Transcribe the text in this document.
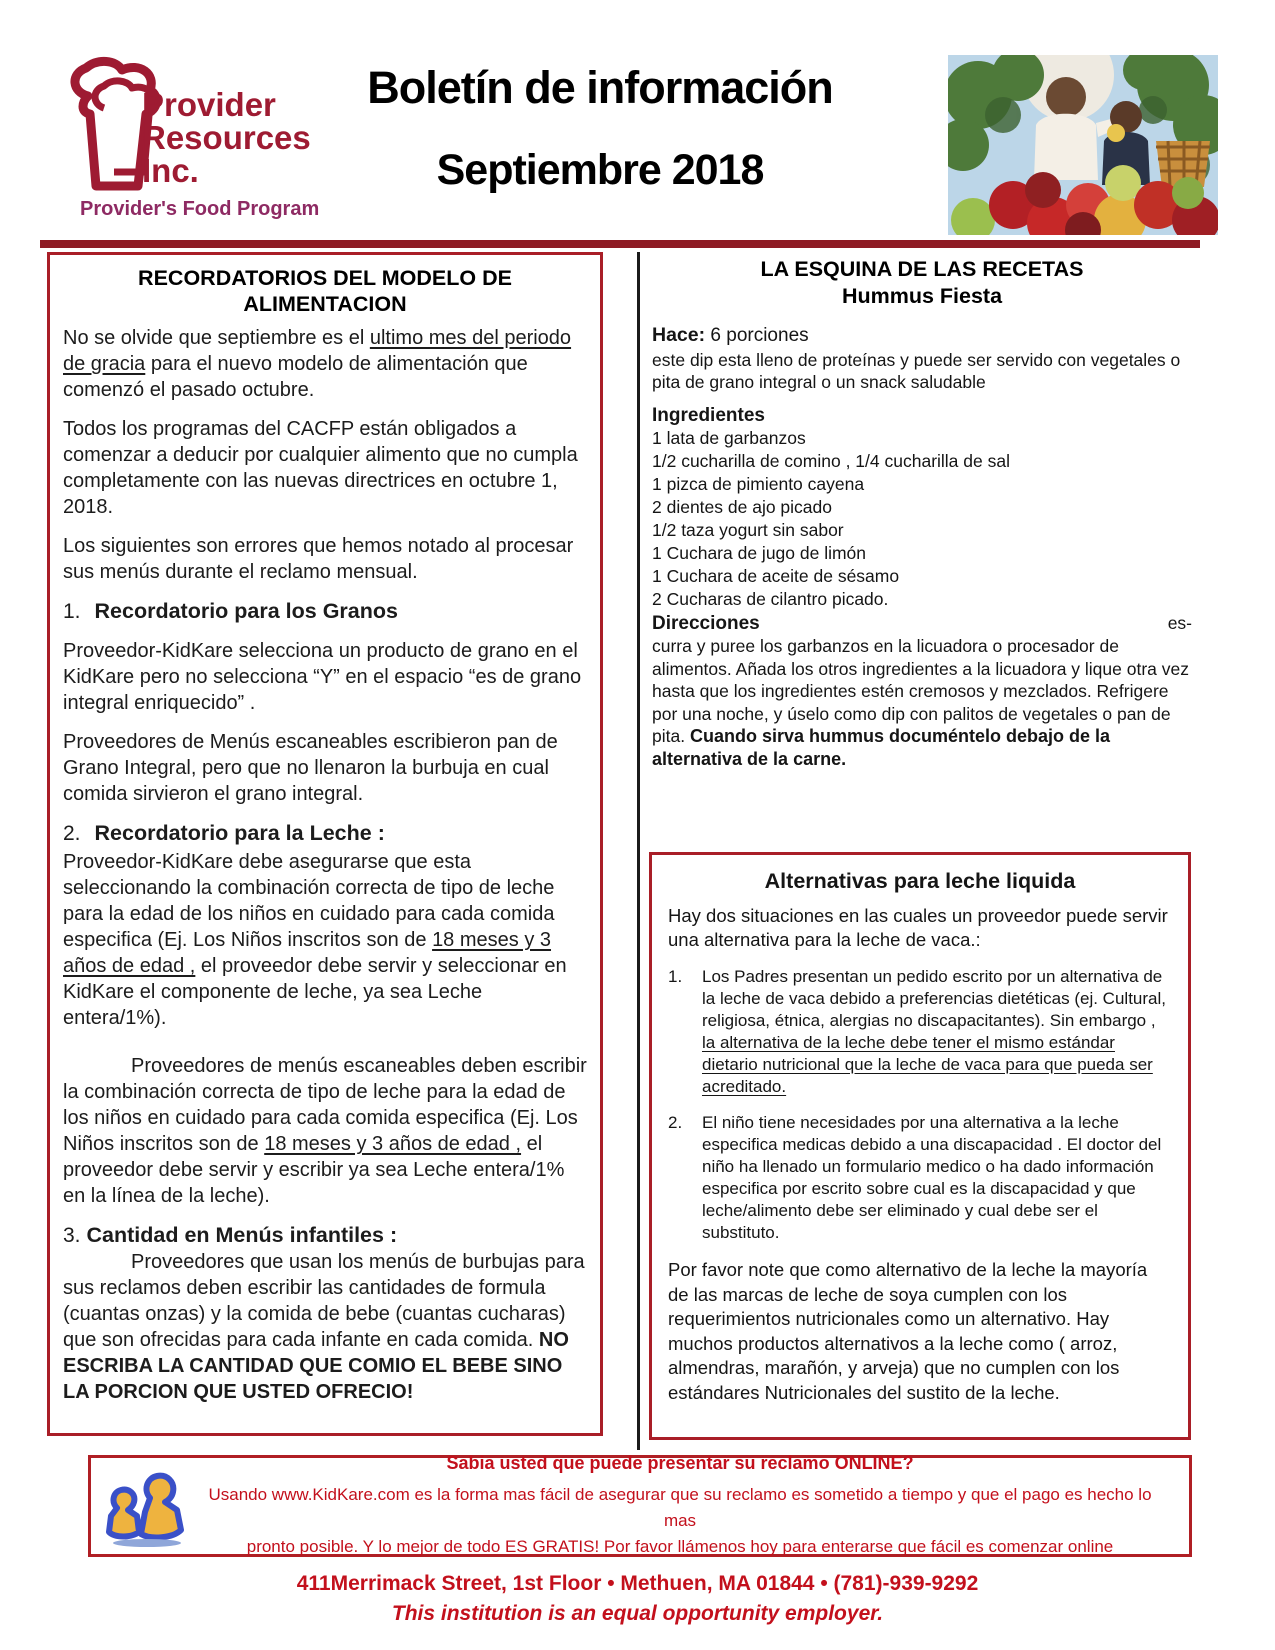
Provider
Resources
Inc.
Provider's Food Program
Boletín de información
Septiembre 2018
RECORDATORIOS DEL MODELO DE ALIMENTACION

No se olvide que septiembre es el ultimo mes del periodo de gracia para el nuevo modelo de alimentación que comenzó el pasado octubre.

Todos los programas del CACFP están obligados a comenzar a deducir por cualquier alimento que no cumpla completamente con las nuevas directrices en octubre 1, 2018.

Los siguientes son errores que hemos notado al procesar sus menús durante el reclamo mensual.

1. Recordatorio para los Granos

Proveedor-KidKare selecciona un producto de grano en el KidKare pero no selecciona “Y” en el espacio “es de grano integral enriquecido” .

Proveedores de Menús escaneables escribieron pan de Grano Integral, pero que no llenaron la burbuja en cual comida sirvieron el grano integral.

2. Recordatorio para la Leche :

Proveedor-KidKare debe asegurarse que esta seleccionando la combinación correcta de tipo de leche para la edad de los niños en cuidado para cada comida especifica (Ej. Los Niños inscritos son de 18 meses y 3 años de edad , el proveedor debe servir y seleccionar en KidKare el componente de leche, ya sea Leche entera/1%).

Proveedores de menús escaneables deben escribir la combinación correcta de tipo de leche para la edad de los niños en cuidado para cada comida especifica (Ej. Los Niños inscritos son de 18 meses y 3 años de edad , el proveedor debe servir y escribir ya sea Leche entera/1% en la línea de la leche).

3. Cantidad en Menús infantiles :

Proveedores que usan los menús de burbujas para sus reclamos deben escribir las cantidades de formula (cuantas onzas) y la comida de bebe (cuantas cucharas) que son ofrecidas para cada infante en cada comida. NO ESCRIBA LA CANTIDAD QUE COMIO EL BEBE SINO LA PORCION QUE USTED OFRECIO!

LA ESQUINA DE LAS RECETAS

Hummus Fiesta

Hace: 6 porciones
este dip esta lleno de proteínas y puede ser servido con vegetales o pita de grano integral o un snack saludable
Ingredientes
1 lata de garbanzos
1/2 cucharilla de comino , 1/4 cucharilla de sal
1 pizca de pimiento cayena
2 dientes de ajo picado
1/2 taza yogurt sin sabor
1 Cuchara de jugo de limón
1 Cuchara de aceite de sésamo
2 Cucharas de cilantro picado.
Direcciones	es-
curra y puree los garbanzos en la licuadora o procesador de alimentos. Añada los otros ingredientes a la licuadora y lique otra vez hasta que los ingredientes estén cremosos y mezclados. Refrigere por una noche, y úselo como dip con palitos de vegetales o pan de pita. Cuando sirva hummus documéntelo debajo de la alternativa de la carne.
Alternativas para leche liquida

Hay dos situaciones en las cuales un proveedor puede servir una alternativa para la leche de vaca.:

1.	Los Padres presentan un pedido escrito por un alternativa de la leche de vaca debido a preferencias dietéticas (ej. Cultural, religiosa, étnica, alergias no discapacitantes). Sin embargo , la alternativa de la leche debe tener el mismo estándar dietario nutricional que la leche de vaca para que pueda ser acreditado.
2.	El niño tiene necesidades por una alternativa a la leche especifica medicas debido a una discapacidad . El doctor del niño ha llenado un formulario medico o ha dado información especifica por escrito sobre cual es la discapacidad y que leche/alimento debe ser eliminado y cual debe ser el substituto.

Por favor note que como alternativo de la leche la mayoría de las marcas de leche de soya cumplen con los requerimientos nutricionales como un alternativo. Hay muchos productos alternativos a la leche como ( arroz, almendras, marañón, y arveja) que no cumplen con los estándares Nutricionales del sustito de la leche.

Sabia usted que puede presentar su reclamo ONLINE?
Usando www.KidKare.com es la forma mas fácil de asegurar que su reclamo es sometido a tiempo y que el pago es hecho lo mas
pronto posible. Y lo mejor de todo ES GRATIS! Por favor llámenos hoy para enterarse que fácil es comenzar online
411Merrimack Street, 1st Floor • Methuen, MA 01844 • (781)-939-9292
This institution is an equal opportunity employer.
